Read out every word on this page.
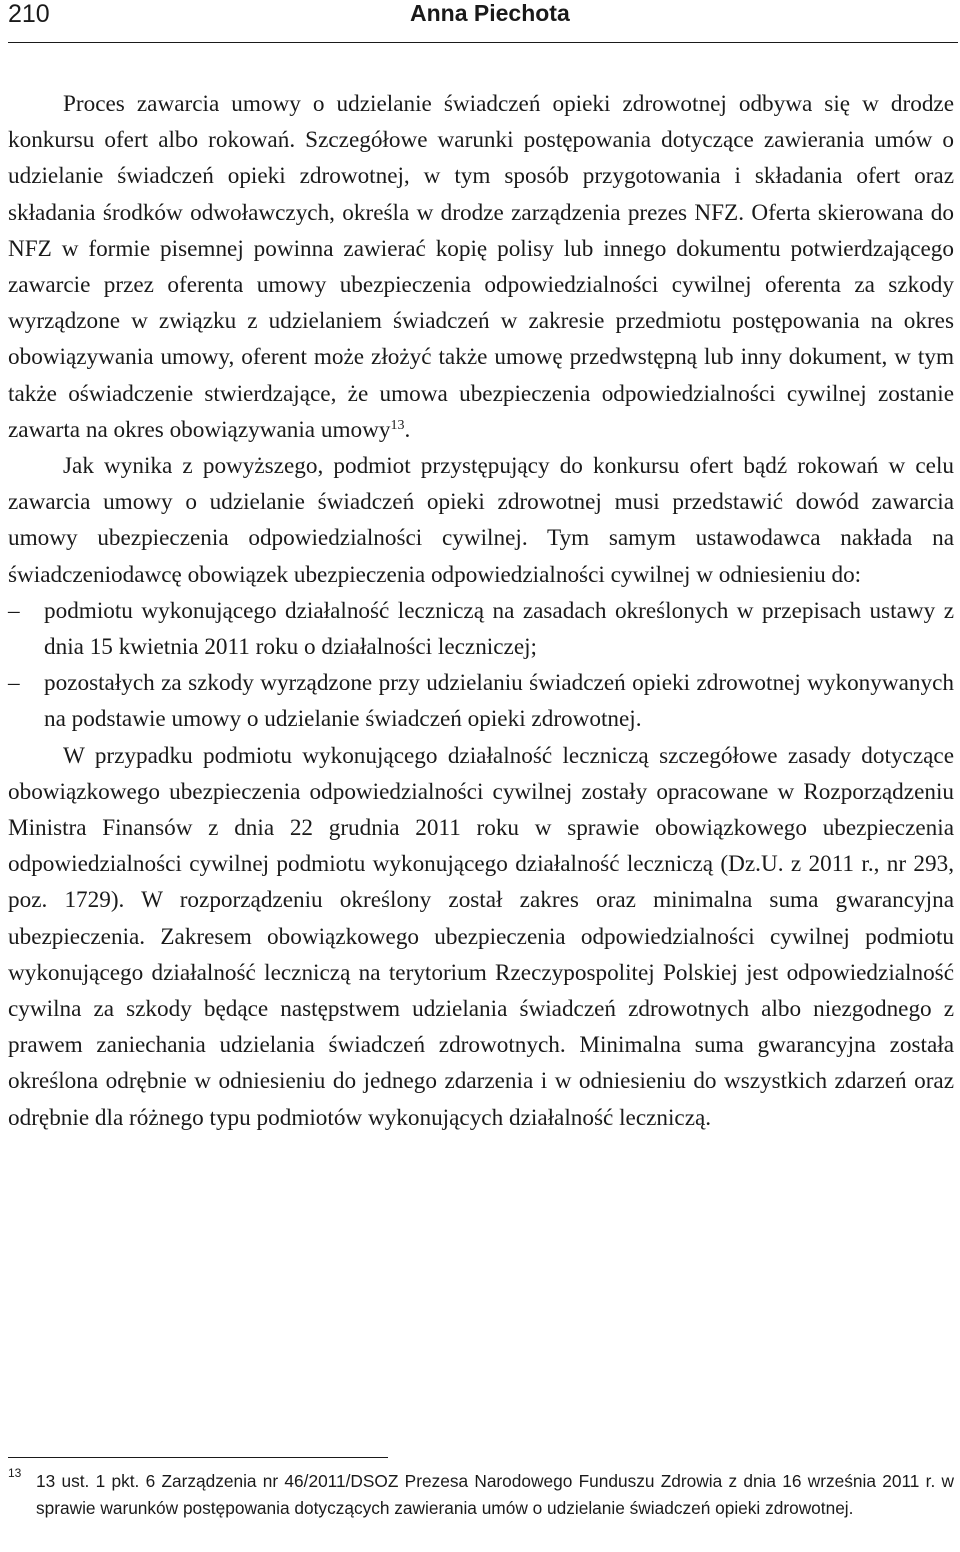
210	Anna Piechota

Proces zawarcia umowy o udzielanie świadczeń opieki zdrowotnej odbywa się w drodze konkursu ofert albo rokowań. Szczegółowe warunki postępowania dotyczące zawierania umów o udzielanie świadczeń opieki zdrowotnej, w tym sposób przygotowania i składania ofert oraz składania środków odwoławczych, określa w drodze zarządzenia prezes NFZ. Oferta skierowana do NFZ w formie pisemnej powinna zawierać kopię polisy lub innego dokumentu potwierdzającego zawarcie przez oferenta umowy ubezpieczenia odpowiedzialności cywilnej oferenta za szkody wyrządzone w związku z udzielaniem świadczeń w zakresie przedmiotu postępowania na okres obowiązywania umowy, oferent może złożyć także umowę przedwstępną lub inny dokument, w tym także oświadczenie stwierdzające, że umowa ubezpieczenia odpowiedzialności cywilnej zostanie zawarta na okres obowiązywania umowy$^{13}$.

Jak wynika z powyższego, podmiot przystępujący do konkursu ofert bądź rokowań w celu zawarcia umowy o udzielanie świadczeń opieki zdrowotnej musi przedstawić dowód zawarcia umowy ubezpieczenia odpowiedzialności cywilnej. Tym samym ustawodawca nakłada na świadczeniodawcę obowiązek ubezpieczenia odpowiedzialności cywilnej w odniesieniu do:

–	podmiotu wykonującego działalność leczniczą na zasadach określonych w przepisach ustawy z dnia 15 kwietnia 2011 roku o działalności leczniczej;
–	pozostałych za szkody wyrządzone przy udzielaniu świadczeń opieki zdrowotnej wykonywanych na podstawie umowy o udzielanie świadczeń opieki zdrowotnej.

W przypadku podmiotu wykonującego działalność leczniczą szczegółowe zasady dotyczące obowiązkowego ubezpieczenia odpowiedzialności cywilnej zostały opracowane w Rozporządzeniu Ministra Finansów z dnia 22 grudnia 2011 roku w sprawie obowiązkowego ubezpieczenia odpowiedzialności cywilnej podmiotu wykonującego działalność leczniczą (Dz.U. z 2011 r., nr 293, poz. 1729). W rozporządzeniu określony został zakres oraz minimalna suma gwarancyjna ubezpieczenia. Zakresem obowiązkowego ubezpieczenia odpowiedzialności cywilnej podmiotu wykonującego działalność leczniczą na terytorium Rzeczypospolitej Polskiej jest odpowiedzialność cywilna za szkody będące następstwem udzielania świadczeń zdrowotnych albo niezgodnego z prawem zaniechania udzielania świadczeń zdrowotnych. Minimalna suma gwarancyjna została określona odrębnie w odniesieniu do jednego zdarzenia i w odniesieniu do wszystkich zdarzeń oraz odrębnie dla różnego typu podmiotów wykonujących działalność leczniczą.

13 13 ust. 1 pkt. 6 Zarządzenia nr 46/2011/DSOZ Prezesa Narodowego Funduszu Zdrowia z dnia 16 września 2011 r. w sprawie warunków postępowania dotyczących zawierania umów o udzielanie świadczeń opieki zdrowotnej.
